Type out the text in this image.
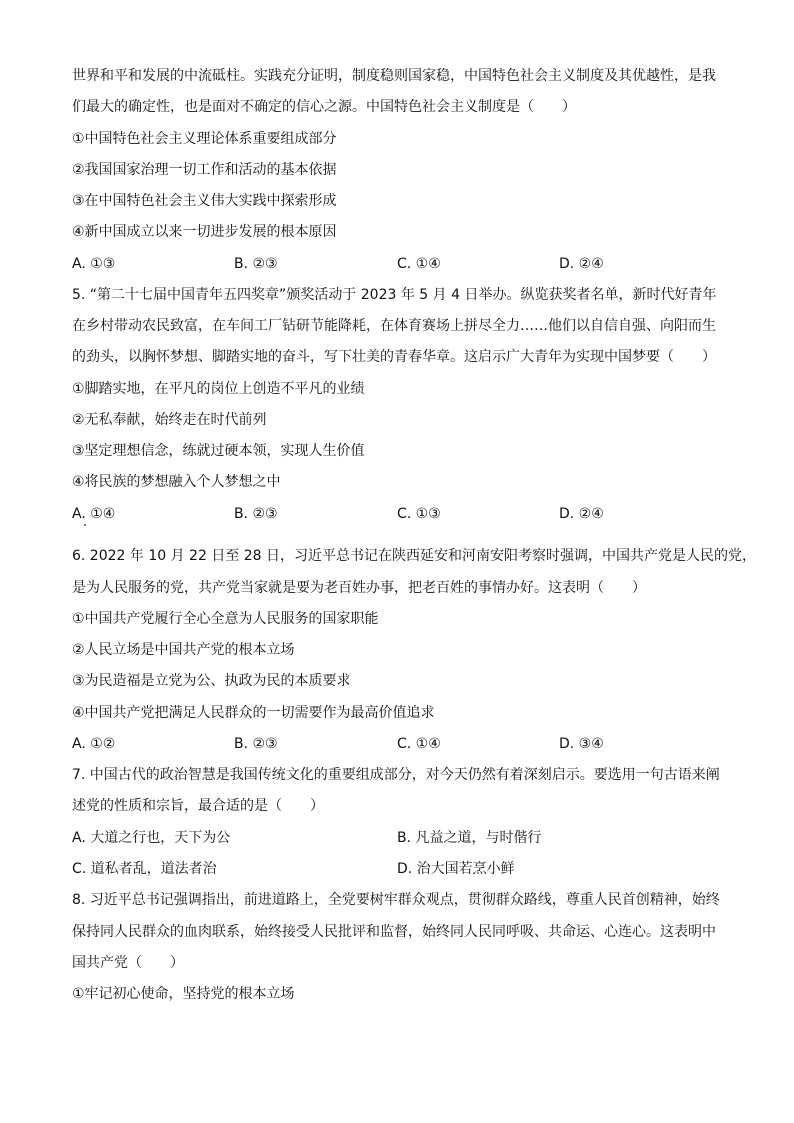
世界和平和发展的中流砥柱。实践充分证明，制度稳则国家稳，中国特色社会主义制度及其优越性，是我
们最大的确定性，也是面对不确定的信心之源。中国特色社会主义制度是（　　）
①中国特色社会主义理论体系重要组成部分
②我国国家治理一切工作和活动的基本依据
③在中国特色社会主义伟大实践中探索形成
④新中国成立以来一切进步发展的根本原因
A. ①③	B. ②③	C. ①④	D. ②④
5. “第二十七届中国青年五四奖章”颁奖活动于 2023 年 5 月 4 日举办。纵览获奖者名单，新时代好青年
在乡村带动农民致富，在车间工厂钻研节能降耗，在体育赛场上拼尽全力……他们以自信自强、向阳而生
的劲头，以胸怀梦想、脚踏实地的奋斗，写下壮美的青春华章。这启示广大青年为实现中国梦要（　　）
①脚踏实地，在平凡的岗位上创造不平凡的业绩
②无私奉献，始终走在时代前列
③坚定理想信念，练就过硬本领，实现人生价值
④将民族的梦想融入个人梦想之中
A. ①④	B. ②③	C. ①③	D. ②④
6. 2022 年 10 月 22 日至 28 日，习近平总书记在陕西延安和河南安阳考察时强调，中国共产党是人民的党，
是为人民服务的党，共产党当家就是要为老百姓办事，把老百姓的事情办好。这表明（　　）
①中国共产党履行全心全意为人民服务的国家职能
②人民立场是中国共产党的根本立场
③为民造福是立党为公、执政为民的本质要求
④中国共产党把满足人民群众的一切需要作为最高价值追求
A. ①②	B. ②③	C. ①④	D. ③④
7. 中国古代的政治智慧是我国传统文化的重要组成部分，对今天仍然有着深刻启示。要选用一句古语来阐
述党的性质和宗旨，最合适的是（　　）
A. 大道之行也，天下为公	B. 凡益之道，与时偕行
C. 道私者乱，道法者治	D. 治大国若烹小鲜
8. 习近平总书记强调指出，前进道路上，全党要树牢群众观点，贯彻群众路线，尊重人民首创精神，始终
保持同人民群众的血肉联系，始终接受人民批评和监督，始终同人民同呼吸、共命运、心连心。这表明中
国共产党（　　）
①牢记初心使命，坚持党的根本立场
